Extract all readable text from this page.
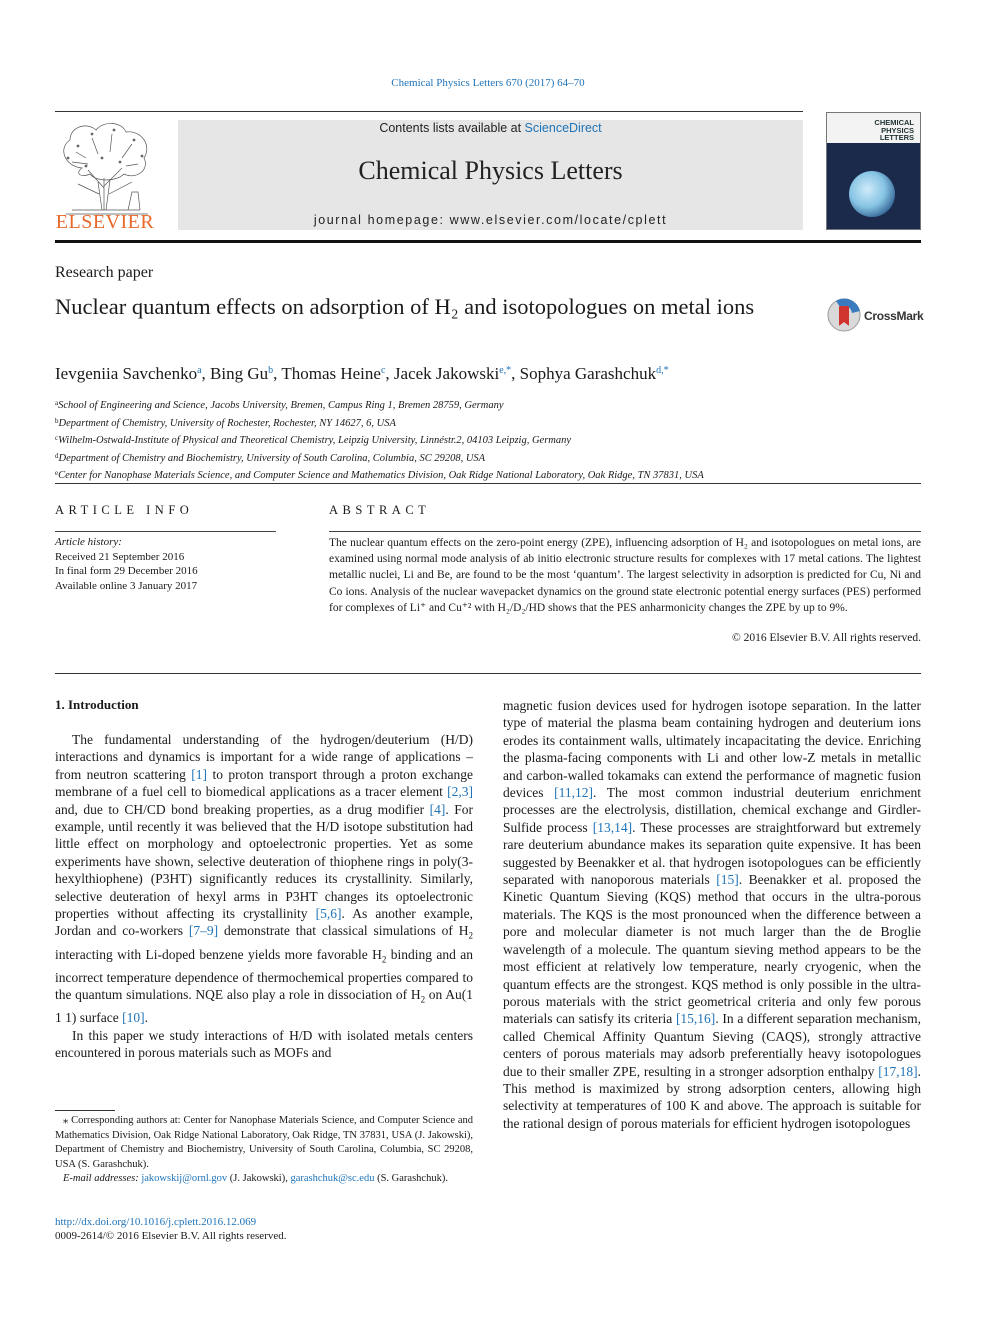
Chemical Physics Letters 670 (2017) 64–70
ELSEVIER
Contents lists available at ScienceDirect
Chemical Physics Letters
journal homepage: www.elsevier.com/locate/cplett
CHEMICAL PHYSICS LETTERS
Research paper
Nuclear quantum effects on adsorption of H₂ and isotopologues on metal ions	CrossMark
Ievgeniia Savchenko$^a$, Bing Gu$^b$, Thomas Heine$^c$, Jacek Jakowski$^{e,*}$, Sophya Garashchuk$^{d,*}$
$^a$School of Engineering and Science, Jacobs University, Bremen, Campus Ring 1, Bremen 28759, Germany
$^b$Department of Chemistry, University of Rochester, Rochester, NY 14627, 6, USA
$^c$Wilhelm-Ostwald-Institute of Physical and Theoretical Chemistry, Leipzig University, Linnéstr.2, 04103 Leipzig, Germany
$^d$Department of Chemistry and Biochemistry, University of South Carolina, Columbia, SC 29208, USA
$^e$Center for Nanophase Materials Science, and Computer Science and Mathematics Division, Oak Ridge National Laboratory, Oak Ridge, TN 37831, USA
ARTICLE INFO
Article history:
Received 21 September 2016
In final form 29 December 2016
Available online 3 January 2017
ABSTRACT
The nuclear quantum effects on the zero-point energy (ZPE), influencing adsorption of H₂ and isotopologues on metal ions, are examined using normal mode analysis of ab initio electronic structure results for complexes with 17 metal cations. The lightest metallic nuclei, Li and Be, are found to be the most ‘quantum’. The largest selectivity in adsorption is predicted for Cu, Ni and Co ions. Analysis of the nuclear wavepacket dynamics on the ground state electronic potential energy surfaces (PES) performed for complexes of Li⁺ and Cu⁺² with H₂/D₂/HD shows that the PES anharmonicity changes the ZPE by up to 9%.
© 2016 Elsevier B.V. All rights reserved.
1. Introduction

The fundamental understanding of the hydrogen/deuterium (H/D) interactions and dynamics is important for a wide range of applications – from neutron scattering [1] to proton transport through a proton exchange membrane of a fuel cell to biomedical applications as a tracer element [2,3] and, due to CH/CD bond breaking properties, as a drug modifier [4]. For example, until recently it was believed that the H/D isotope substitution had little effect on morphology and optoelectronic properties. Yet as some experiments have shown, selective deuteration of thiophene rings in poly(3-hexylthiophene) (P3HT) significantly reduces its crystallinity. Similarly, selective deuteration of hexyl arms in P3HT changes its optoelectronic properties without affecting its crystallinity [5,6]. As another example, Jordan and co-workers [7–9] demonstrate that classical simulations of $H_2$ interacting with Li-doped benzene yields more favorable $H_2$ binding and an incorrect temperature dependence of thermochemical properties compared to the quantum simulations. NQE also play a role in dissociation of $H_2$ on Au(1 1 1) surface [10].

In this paper we study interactions of H/D with isolated metals centers encountered in porous materials such as MOFs and

magnetic fusion devices used for hydrogen isotope separation. In the latter type of material the plasma beam containing hydrogen and deuterium ions erodes its containment walls, ultimately incapacitating the device. Enriching the plasma-facing components with Li and other low-Z metals in metallic and carbon-walled tokamaks can extend the performance of magnetic fusion devices [11,12]. The most common industrial deuterium enrichment processes are the electrolysis, distillation, chemical exchange and Girdler-Sulfide process [13,14]. These processes are straightforward but extremely rare deuterium abundance makes its separation quite expensive. It has been suggested by Beenakker et al. that hydrogen isotopologues can be efficiently separated with nanoporous materials [15]. Beenakker et al. proposed the Kinetic Quantum Sieving (KQS) method that occurs in the ultra-porous materials. The KQS is the most pronounced when the difference between a pore and molecular diameter is not much larger than the de Broglie wavelength of a molecule. The quantum sieving method appears to be the most efficient at relatively low temperature, nearly cryogenic, when the quantum effects are the strongest. KQS method is only possible in the ultra-porous materials with the strict geometrical criteria and only few porous materials can satisfy its criteria [15,16]. In a different separation mechanism, called Chemical Affinity Quantum Sieving (CAQS), strongly attractive centers of porous materials may adsorb preferentially heavy isotopologues due to their smaller ZPE, resulting in a stronger adsorption enthalpy [17,18]. This method is maximized by strong adsorption centers, allowing high selectivity at temperatures of 100 K and above. The approach is suitable for the rational design of porous materials for efficient hydrogen isotopologues

⁎ Corresponding authors at: Center for Nanophase Materials Science, and Computer Science and Mathematics Division, Oak Ridge National Laboratory, Oak Ridge, TN 37831, USA (J. Jakowski), Department of Chemistry and Biochemistry, University of South Carolina, Columbia, SC 29208, USA (S. Garashchuk).
E-mail addresses: jakowskij@ornl.gov (J. Jakowski), garashchuk@sc.edu (S. Garashchuk).
http://dx.doi.org/10.1016/j.cplett.2016.12.069
0009-2614/© 2016 Elsevier B.V. All rights reserved.
